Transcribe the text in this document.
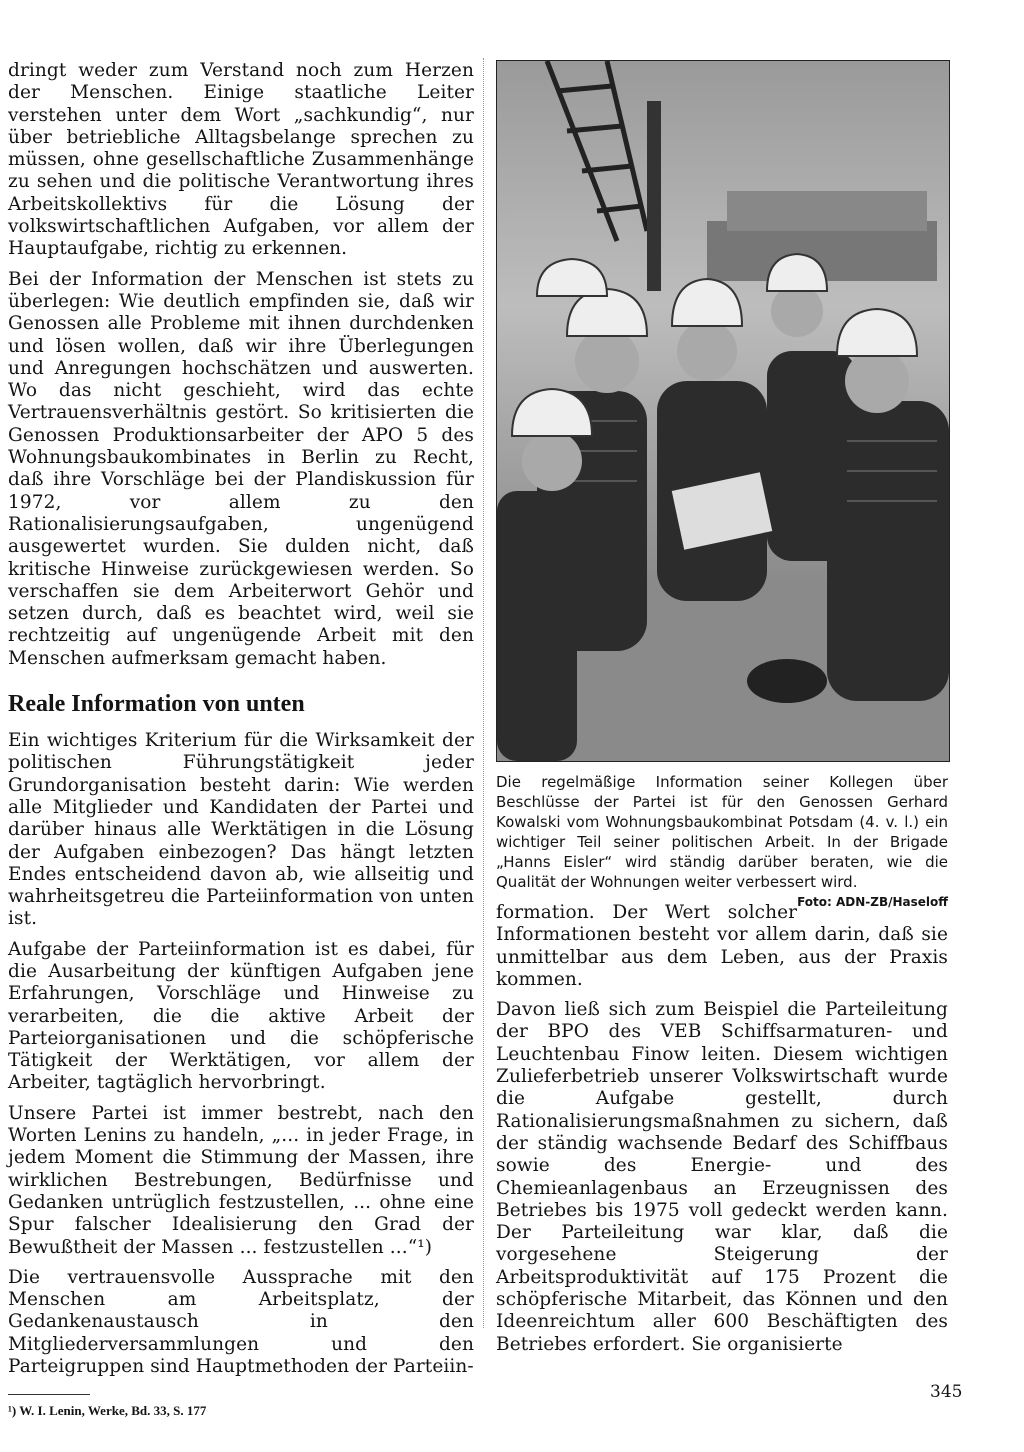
dringt weder zum Verstand noch zum Herzen der Menschen. Einige staatliche Leiter verstehen unter dem Wort „sachkundig“, nur über betriebliche Alltagsbelange sprechen zu müssen, ohne gesellschaftliche Zusammenhänge zu sehen und die politische Verantwortung ihres Arbeitskollektivs für die Lösung der volkswirtschaftlichen Aufgaben, vor allem der Hauptaufgabe, richtig zu erkennen.

Bei der Information der Menschen ist stets zu überlegen: Wie deutlich empfinden sie, daß wir Genossen alle Probleme mit ihnen durchdenken und lösen wollen, daß wir ihre Überlegungen und Anregungen hochschätzen und auswerten. Wo das nicht geschieht, wird das echte Vertrauensverhältnis gestört. So kritisierten die Genossen Produktionsarbeiter der APO 5 des Wohnungsbaukombinates in Berlin zu Recht, daß ihre Vorschläge bei der Plandiskussion für 1972, vor allem zu den Rationalisierungsaufgaben, ungenügend ausgewertet wurden. Sie dulden nicht, daß kritische Hinweise zurückgewiesen werden. So verschaffen sie dem Arbeiterwort Gehör und setzen durch, daß es beachtet wird, weil sie rechtzeitig auf ungenügende Arbeit mit den Menschen aufmerksam gemacht haben.

Reale Information von unten

Ein wichtiges Kriterium für die Wirksamkeit der politischen Führungstätigkeit jeder Grundorganisation besteht darin: Wie werden alle Mitglieder und Kandidaten der Partei und darüber hinaus alle Werktätigen in die Lösung der Aufgaben einbezogen? Das hängt letzten Endes entscheidend davon ab, wie allseitig und wahrheitsgetreu die Parteiinformation von unten ist.

Aufgabe der Parteiinformation ist es dabei, für die Ausarbeitung der künftigen Aufgaben jene Erfahrungen, Vorschläge und Hinweise zu verarbeiten, die die aktive Arbeit der Parteiorganisationen und die schöpferische Tätigkeit der Werktätigen, vor allem der Arbeiter, tagtäglich hervorbringt.

Unsere Partei ist immer bestrebt, nach den Worten Lenins zu handeln, „... in jeder Frage, in jedem Moment die Stimmung der Massen, ihre wirklichen Bestrebungen, Bedürfnisse und Gedanken untrüglich festzustellen, ... ohne eine Spur falscher Idealisierung den Grad der Bewußtheit der Massen ... festzustellen ...“¹)

Die vertrauensvolle Aussprache mit den Menschen am Arbeitsplatz, der Gedankenaustausch in den Mitgliederversammlungen und den Parteigruppen sind Hauptmethoden der Parteiin-

¹) W. I. Lenin, Werke, Bd. 33, S. 177
Die regelmäßige Information seiner Kollegen über Beschlüsse der Partei ist für den Genossen Gerhard Kowalski vom Wohnungsbaukombinat Potsdam (4. v. l.) ein wichtiger Teil seiner politischen Arbeit. In der Brigade „Hanns Eisler“ wird ständig darüber beraten, wie die Qualität der Wohnungen weiter verbessert wird.
Foto: ADN-ZB/Haseloff

formation. Der Wert solcher Informationen besteht vor allem darin, daß sie unmittelbar aus dem Leben, aus der Praxis kommen.

Davon ließ sich zum Beispiel die Parteileitung der BPO des VEB Schiffsarmaturen- und Leuchtenbau Finow leiten. Diesem wichtigen Zulieferbetrieb unserer Volkswirtschaft wurde die Aufgabe gestellt, durch Rationalisierungsmaßnahmen zu sichern, daß der ständig wachsende Bedarf des Schiffbaus sowie des Energie- und des Chemieanlagenbaus an Erzeugnissen des Betriebes bis 1975 voll gedeckt werden kann. Der Parteileitung war klar, daß die vorgesehene Steigerung der Arbeitsproduktivität auf 175 Prozent die schöpferische Mitarbeit, das Können und den Ideenreichtum aller 600 Beschäftigten des Betriebes erfordert. Sie organisierte

345
